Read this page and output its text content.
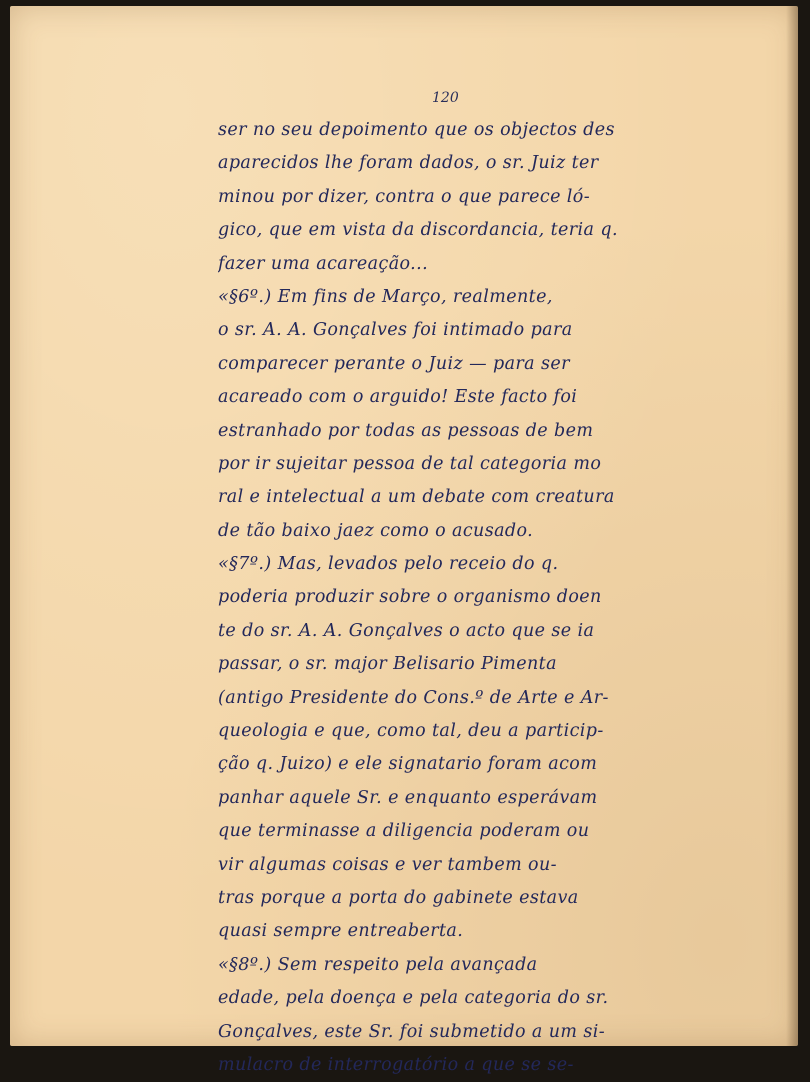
120
ser no seu depoimento que os objectos des
aparecidos lhe foram dados, o sr. Juiz ter
minou por dizer, contra o que parece ló-
gico, que em vista da discordancia, teria q.
fazer uma acareação...
«§6º.) Em fins de Março, realmente,
o sr. A. A. Gonçalves foi intimado para
comparecer perante o Juiz — para ser
acareado com o arguido! Este facto foi
estranhado por todas as pessoas de bem
por ir sujeitar pessoa de tal categoria mo
ral e intelectual a um debate com creatura
de tão baixo jaez como o acusado.
«§7º.) Mas, levados pelo receio do q.
poderia produzir sobre o organismo doen
te do sr. A. A. Gonçalves o acto que se ia
passar, o sr. major Belisario Pimenta
(antigo Presidente do Cons.º de Arte e Ar-
queologia e que, como tal, deu a particip-
ção q. Juizo) e ele signatario foram acom
panhar aquele Sr. e enquanto esperávam
que terminasse a diligencia poderam ou
vir algumas coisas e ver tambem ou-
tras porque a porta do gabinete estava
quasi sempre entreaberta.
«§8º.) Sem respeito pela avançada
edade, pela doença e pela categoria do sr.
Gonçalves, este Sr. foi submetido a um si-
mulacro de interrogatório a que se se-
